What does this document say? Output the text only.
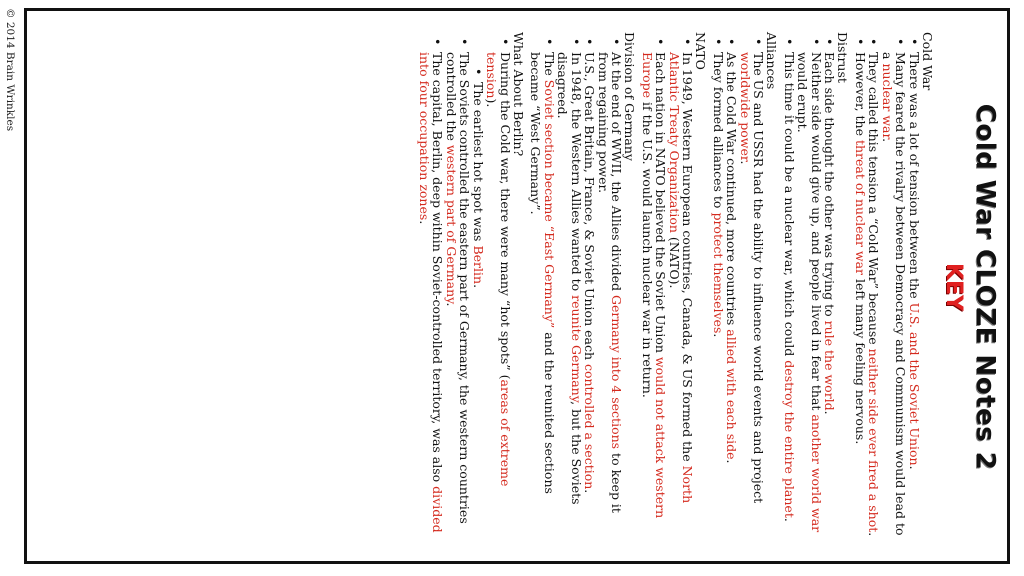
© 2014 Brain Wrinkles
Cold War CLOZE Notes 2
KEY
Cold War
• There was a lot of tension between the U.S. and the Soviet Union.
• Many feared the rivalry between Democracy and Communism would lead to a nuclear war.
• They called this tension a “Cold War” because neither side ever fired a shot.
• However, the threat of nuclear war left many feeling nervous.
Distrust
• Each side thought the other was trying to rule the world.
• Neither side would give up, and people lived in fear that another world war would erupt.
• This time it could be a nuclear war, which could destroy the entire planet.
Alliances
• The US and USSR had the ability to influence world events and project worldwide power.
• As the Cold War continued, more countries allied with each side.
• They formed alliances to protect themselves.
NATO
• In 1949, Western European countries, Canada, & US formed the North Atlantic Treaty Organization (NATO).
• Each nation in NATO believed the Soviet Union would not attack western Europe if the U.S. would launch nuclear war in return.
Division of Germany
• At the end of WWII, the Allies divided Germany into 4 sections to keep it from regaining power.
• U.S., Great Britain, France, & Soviet Union each controlled a section.
• In 1948, the Western Allies wanted to reunite Germany, but the Soviets disagreed.
• The Soviet section became “East Germany” and the reunited sections became “West Germany”.
What About Berlin?
• During the Cold war, there were many “hot spots” (areas of extreme tension).
• The earliest hot spot was Berlin.
• The Soviets controlled the eastern part of Germany, the western countries controlled the western part of Germany.
• The capital, Berlin, deep within Soviet-controlled territory, was also divided into four occupation zones.
